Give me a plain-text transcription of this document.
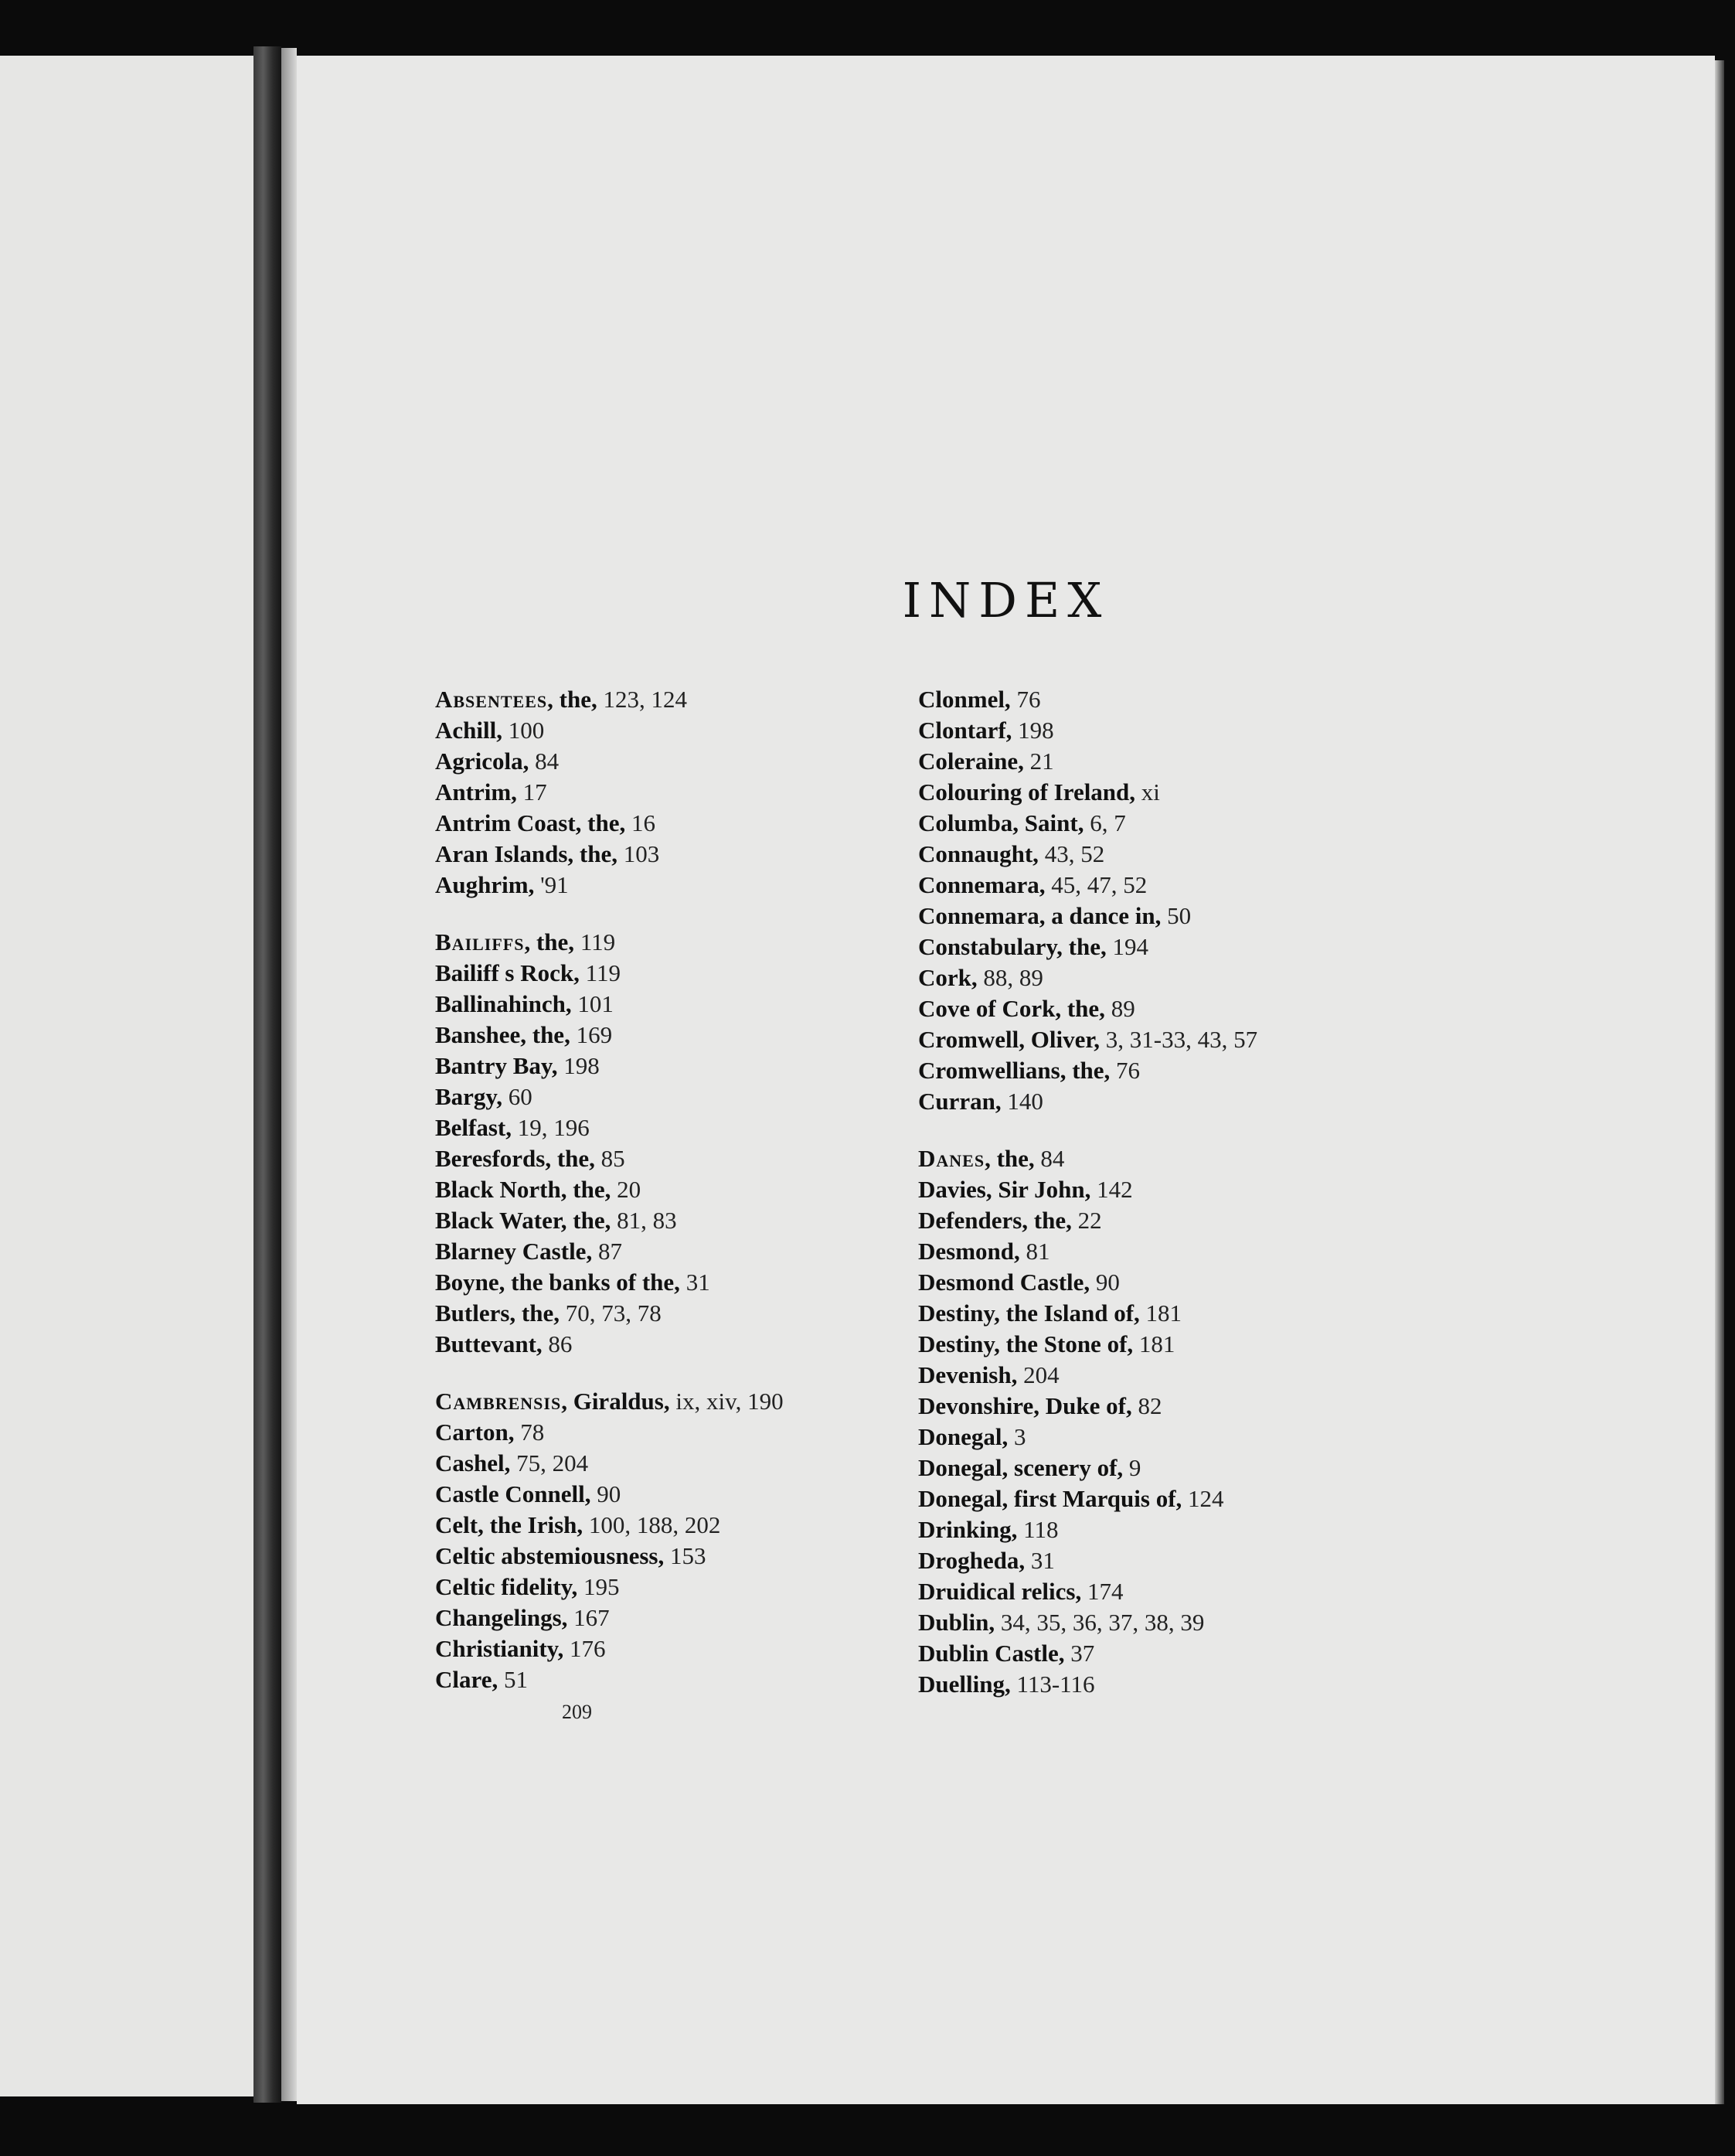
INDEX
Absentees, the, 123, 124
Achill, 100
Agricola, 84
Antrim, 17
Antrim Coast, the, 16
Aran Islands, the, 103
Aughrim, '91
Bailiffs, the, 119
Bailiff s Rock, 119
Ballinahinch, 101
Banshee, the, 169
Bantry Bay, 198
Bargy, 60
Belfast, 19, 196
Beresfords, the, 85
Black North, the, 20
Black Water, the, 81, 83
Blarney Castle, 87
Boyne, the banks of the, 31
Butlers, the, 70, 73, 78
Buttevant, 86
Cambrensis, Giraldus, ix, xiv, 190
Carton, 78
Cashel, 75, 204
Castle Connell, 90
Celt, the Irish, 100, 188, 202
Celtic abstemiousness, 153
Celtic fidelity, 195
Changelings, 167
Christianity, 176
Clare, 51
Clonmel, 76
Clontarf, 198
Coleraine, 21
Colouring of Ireland, xi
Columba, Saint, 6, 7
Connaught, 43, 52
Connemara, 45, 47, 52
Connemara, a dance in, 50
Constabulary, the, 194
Cork, 88, 89
Cove of Cork, the, 89
Cromwell, Oliver, 3, 31-33, 43, 57
Cromwellians, the, 76
Curran, 140
Danes, the, 84
Davies, Sir John, 142
Defenders, the, 22
Desmond, 81
Desmond Castle, 90
Destiny, the Island of, 181
Destiny, the Stone of, 181
Devenish, 204
Devonshire, Duke of, 82
Donegal, 3
Donegal, scenery of, 9
Donegal, first Marquis of, 124
Drinking, 118
Drogheda, 31
Druidical relics, 174
Dublin, 34, 35, 36, 37, 38, 39
Dublin Castle, 37
Duelling, 113-116
209
